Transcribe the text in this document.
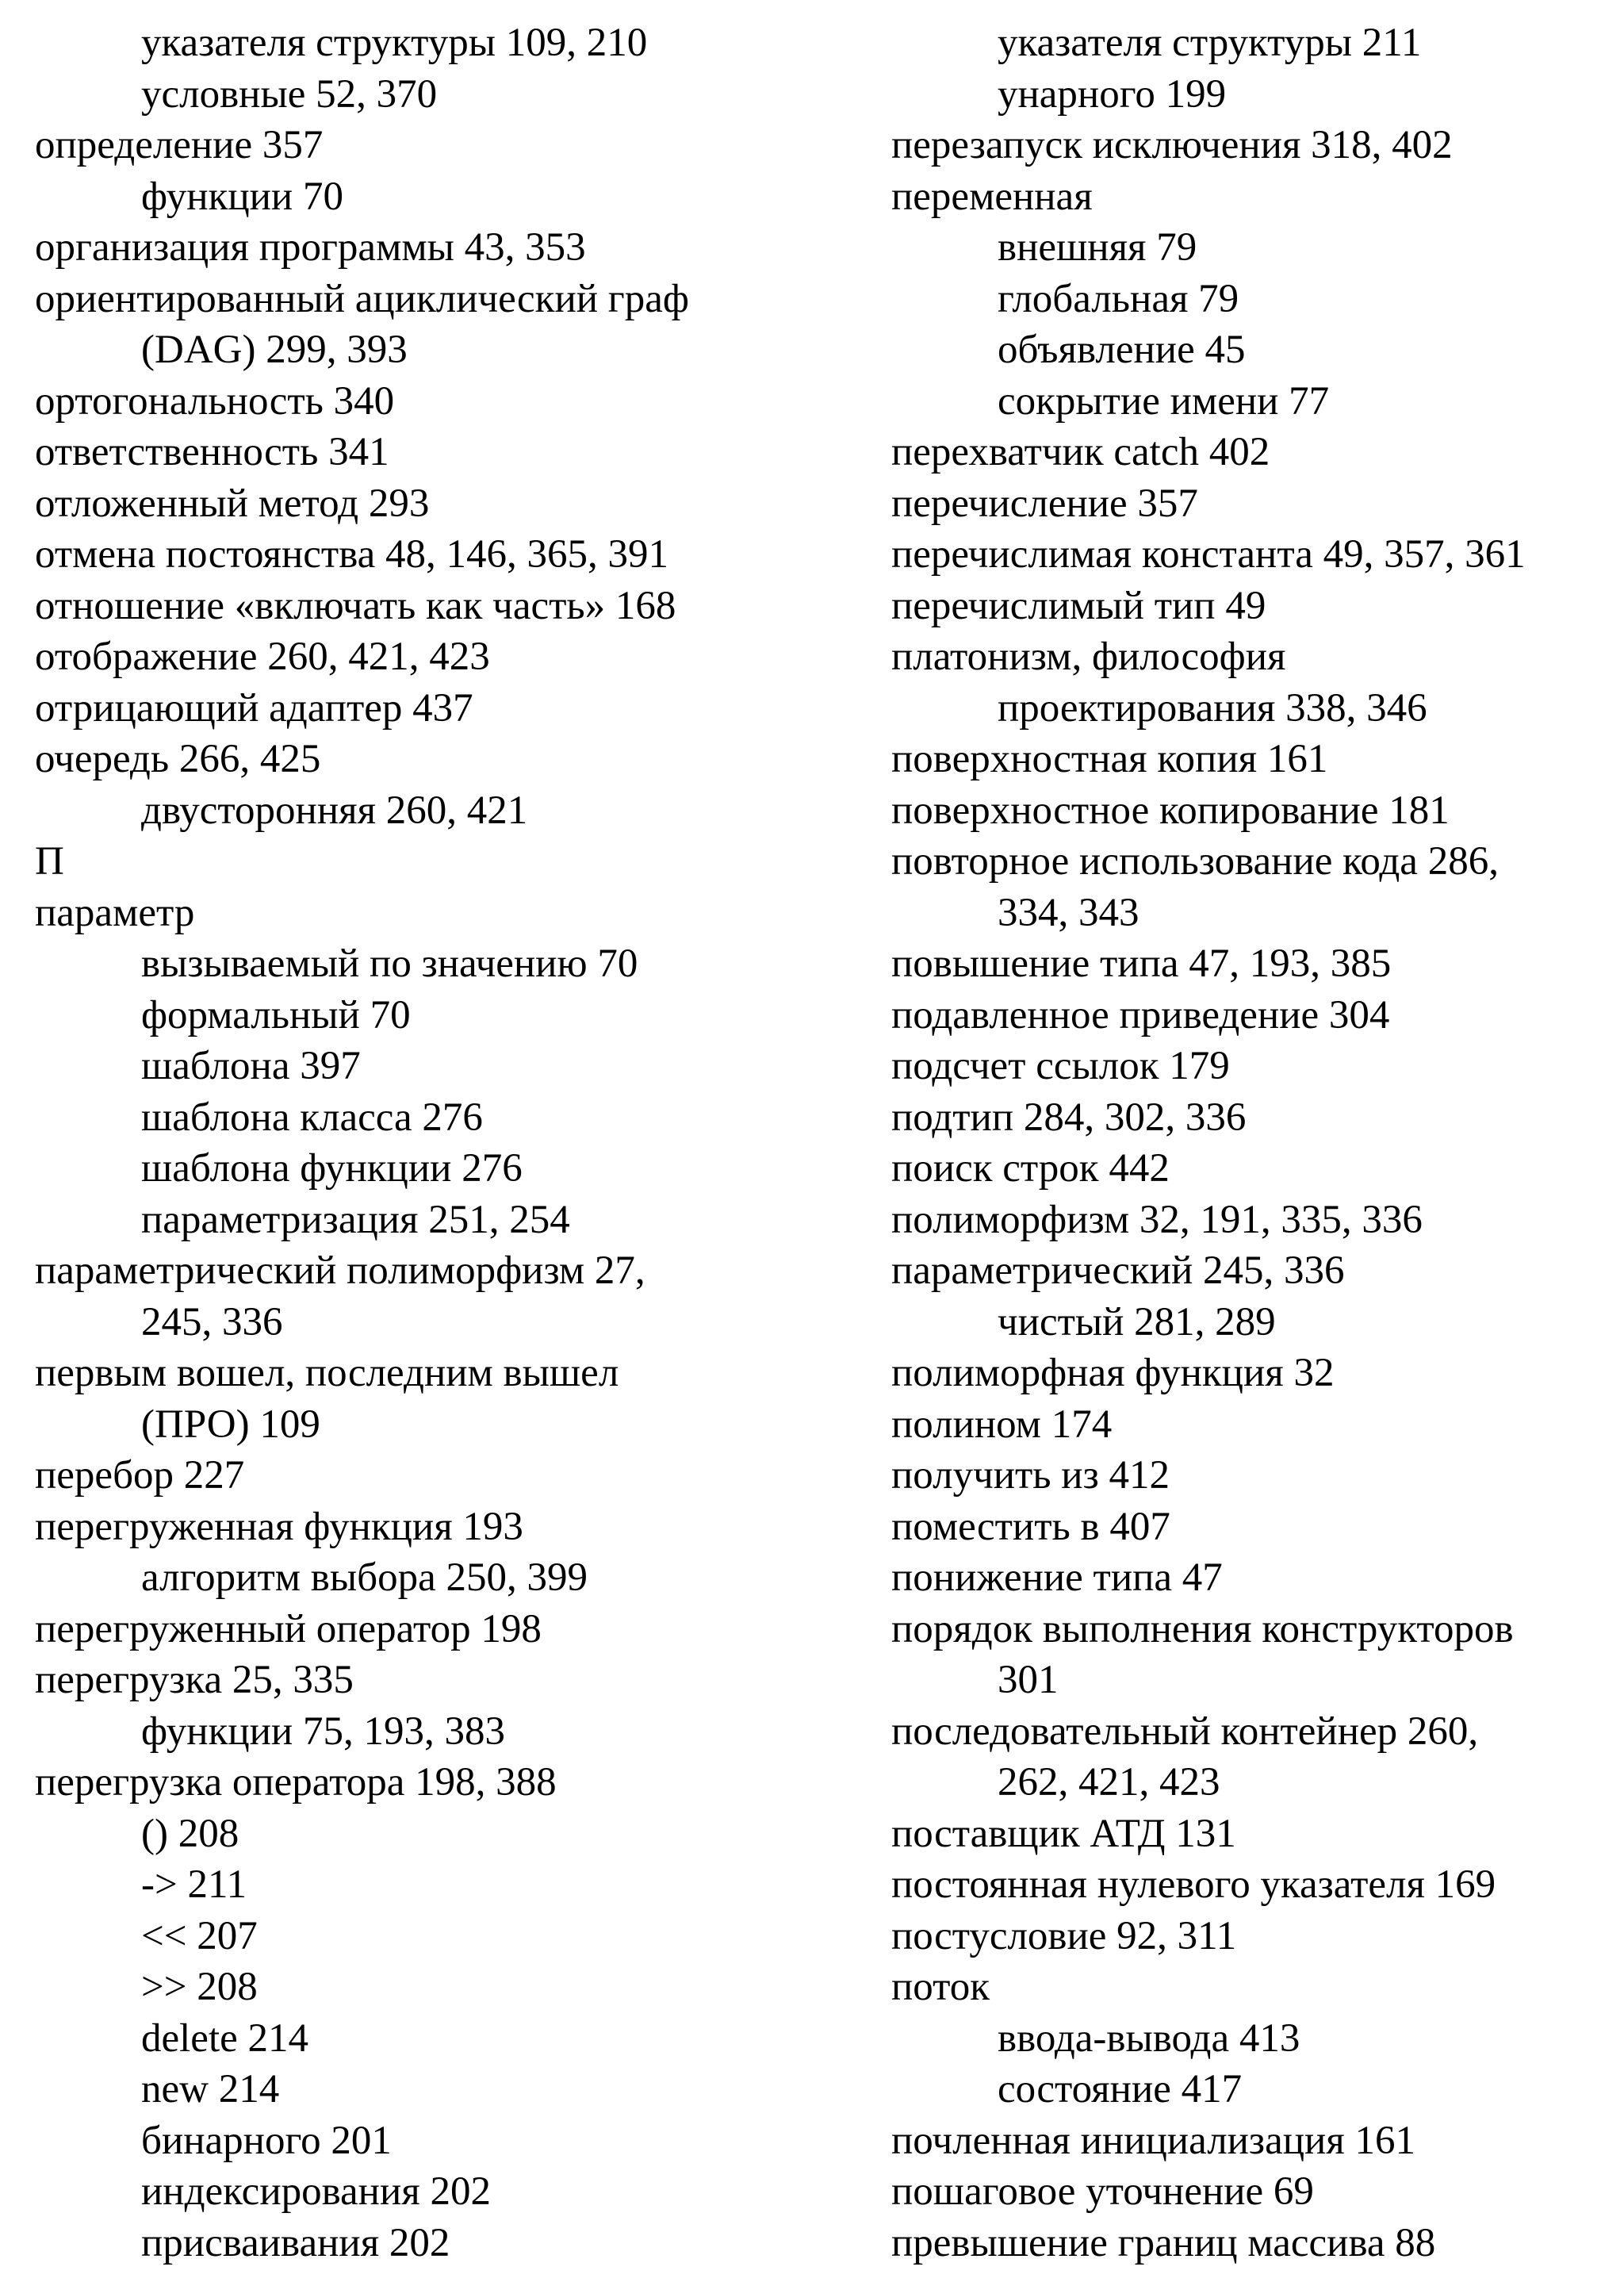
указателя структуры 109, 210
условные 52, 370
определение 357
функции 70
организация программы 43, 353
ориентированный ациклический граф
(DAG) 299, 393
ортогональность 340
ответственность 341
отложенный метод 293
отмена постоянства 48, 146, 365, 391
отношение «включать как часть» 168
отображение 260, 421, 423
отрицающий адаптер 437
очередь 266, 425
двусторонняя 260, 421
П
параметр
вызываемый по значению 70
формальный 70
шаблона 397
шаблона класса 276
шаблона функции 276
параметризация 251, 254
параметрический полиморфизм 27,
245, 336
первым вошел, последним вышел
(ПРО) 109
перебор 227
перегруженная функция 193
алгоритм выбора 250, 399
перегруженный оператор 198
перегрузка 25, 335
функции 75, 193, 383
перегрузка оператора 198, 388
() 208
-> 211
<< 207
>> 208
delete 214
new 214
бинарного 201
индексирования 202
присваивания 202
указателя структуры 211
унарного 199
перезапуск исключения 318, 402
переменная
внешняя 79
глобальная 79
объявление 45
сокрытие имени 77
перехватчик catch 402
перечисление 357
перечислимая константа 49, 357, 361
перечислимый тип 49
платонизм, философия
проектирования 338, 346
поверхностная копия 161
поверхностное копирование 181
повторное использование кода 286,
334, 343
повышение типа 47, 193, 385
подавленное приведение 304
подсчет ссылок 179
подтип 284, 302, 336
поиск строк 442
полиморфизм 32, 191, 335, 336
параметрический 245, 336
чистый 281, 289
полиморфная функция 32
полином 174
получить из 412
поместить в 407
понижение типа 47
порядок выполнения конструкторов
301
последовательный контейнер 260,
262, 421, 423
поставщик АТД 131
постоянная нулевого указателя 169
постусловие 92, 311
поток
ввода-вывода 413
состояние 417
почленная инициализация 161
пошаговое уточнение 69
превышение границ массива 88
